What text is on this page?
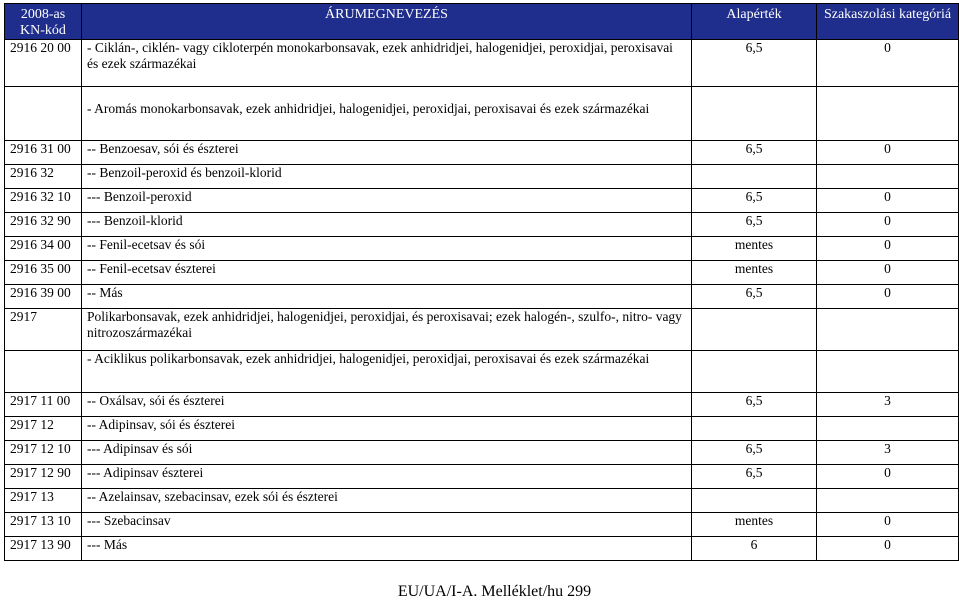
2008-as
KN-kód	ÁRUMEGNEVEZÉS	Alapérték	Szakaszolási kategóriá
2916 20 00	- Ciklán-, ciklén- vagy cikloterpén monokarbonsavak, ezek anhidridjei, halogenidjei, peroxidjai, peroxisavai és ezek származékai	6,5	0
	- Aromás monokarbonsavak, ezek anhidridjei, halogenidjei, peroxidjai, peroxisavai és ezek származékai		
2916 31 00	-- Benzoesav, sói és észterei	6,5	0
2916 32	-- Benzoil-peroxid és benzoil-klorid		
2916 32 10	--- Benzoil-peroxid	6,5	0
2916 32 90	--- Benzoil-klorid	6,5	0
2916 34 00	-- Fenil-ecetsav és sói	mentes	0
2916 35 00	-- Fenil-ecetsav észterei	mentes	0
2916 39 00	-- Más	6,5	0
2917	Polikarbonsavak, ezek anhidridjei, halogenidjei, peroxidjai, és peroxisavai; ezek halogén-, szulfo-, nitro- vagy nitrozoszármazékai		
	- Aciklikus polikarbonsavak, ezek anhidridjei, halogenidjei, peroxidjai, peroxisavai és ezek származékai		
2917 11 00	-- Oxálsav, sói és észterei	6,5	3
2917 12	-- Adipinsav, sói és észterei		
2917 12 10	--- Adipinsav és sói	6,5	3
2917 12 90	--- Adipinsav észterei	6,5	0
2917 13	-- Azelainsav, szebacinsav, ezek sói és észterei		
2917 13 10	--- Szebacinsav	mentes	0
2917 13 90	--- Más	6	0
EU/UA/I-A. Melléklet/hu 299
